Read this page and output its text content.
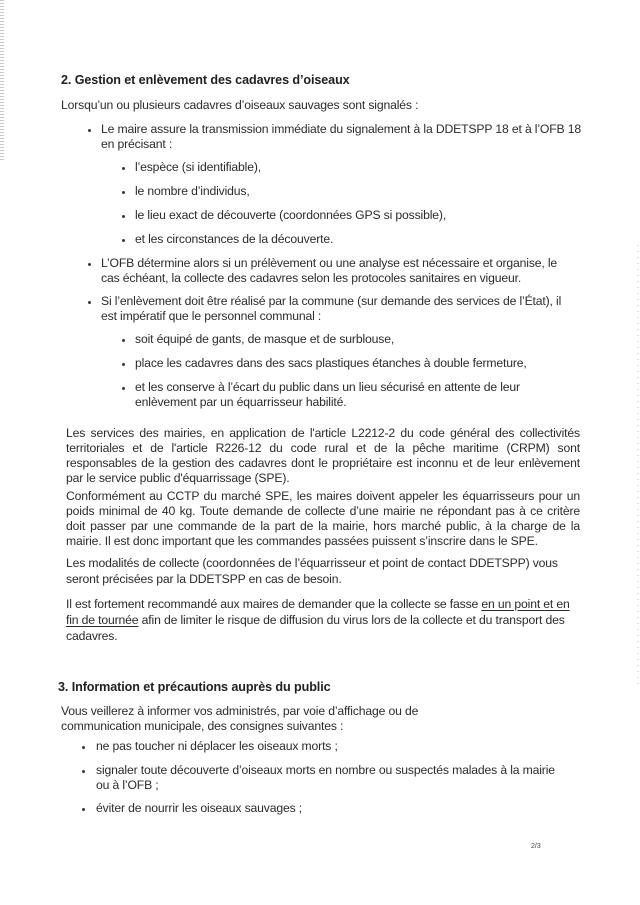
2. Gestion et enlèvement des cadavres d’oiseaux
Lorsqu’un ou plusieurs cadavres d’oiseaux sauvages sont signalés :
Le maire assure la transmission immédiate du signalement à la DDETSPP 18 et à l’OFB 18 en précisant :
l’espèce (si identifiable),
le nombre d’individus,
le lieu exact de découverte (coordonnées GPS si possible),
et les circonstances de la découverte.
L’OFB détermine alors si un prélèvement ou une analyse est nécessaire et organise, le cas échéant, la collecte des cadavres selon les protocoles sanitaires en vigueur.
Si l’enlèvement doit être réalisé par la commune (sur demande des services de l’État), il est impératif que le personnel communal :
soit équipé de gants, de masque et de surblouse,
place les cadavres dans des sacs plastiques étanches à double fermeture,
et les conserve à l’écart du public dans un lieu sécurisé en attente de leur enlèvement par un équarrisseur habilité.
Les services des mairies, en application de l'article L2212-2 du code général des collectivités territoriales et de l'article R226-12 du code rural et de la pêche maritime (CRPM) sont responsables de la gestion des cadavres dont le propriétaire est inconnu et de leur enlèvement par le service public d'équarrissage (SPE).
Conformément au CCTP du marché SPE, les maires doivent appeler les équarrisseurs pour un poids minimal de 40 kg. Toute demande de collecte d’une mairie ne répondant pas à ce critère doit passer par une commande de la part de la mairie, hors marché public, à la charge de la mairie. Il est donc important que les commandes passées puissent s’inscrire dans le SPE.
Les modalités de collecte (coordonnées de l’équarrisseur et point de contact DDETSPP) vous seront précisées par la DDETSPP en cas de besoin.
Il est fortement recommandé aux maires de demander que la collecte se fasse en un point et en fin de tournée afin de limiter le risque de diffusion du virus lors de la collecte et du transport des cadavres.
3. Information et précautions auprès du public
Vous veillerez à informer vos administrés, par voie d’affichage ou de communication municipale, des consignes suivantes :
ne pas toucher ni déplacer les oiseaux morts ;
signaler toute découverte d’oiseaux morts en nombre ou suspectés malades à la mairie ou à l’OFB ;
éviter de nourrir les oiseaux sauvages ;
2/3
